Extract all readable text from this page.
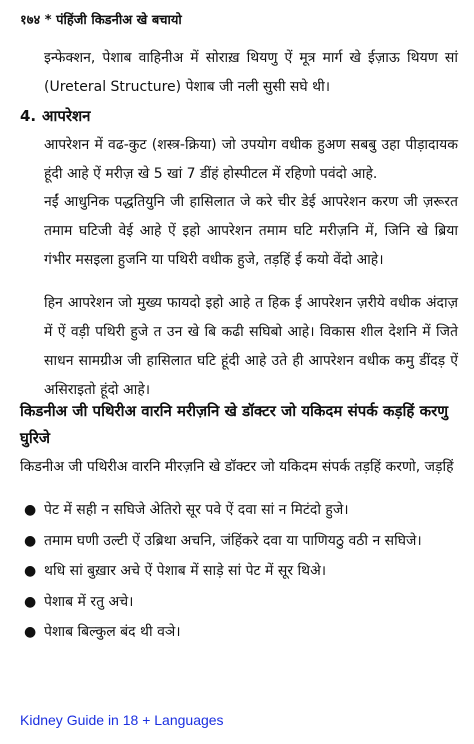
१७४ * पंहिंजी किडनीअ खे बचायो
इन्फेक्शन, पेशाब वाहिनीअ में सोराख़ थियणु ऐं मूत्र मार्ग खे ईज़ाऊ थियण सां (Ureteral Structure) पेशाब जी नली सुसी सघे थी।
4. आपरेशन
आपरेशन में वढ-कुट (शस्त्र-क्रिया) जो उपयोग वधीक हुअण सबबु उहा पीड़ादायक हूंदी आहे ऐं मरीज़ खे 5 खां 7 डींहं होस्पीटल में रहिणो पवंदो आहे.
नईं आधुनिक पद्धतियुनि जी हासिलात जे करे चीर डेई आपरेशन करण जी ज़रूरत तमाम घटिजी वेई आहे ऐं इहो आपरेशन तमाम घटि मरीज़नि में, जिनि खे ब्रिया गंभीर मसइला हुजनि या पथिरी वधीक हुजे, तड़हिं ई कयो वेंदो आहे।
हिन आपरेशन जो मुख्य फायदो इहो आहे त हिक ई आपरेशन ज़रीये वधीक अंदाज़ में ऐं वड़ी पथिरी हुजे त उन खे बि कढी सघिबो आहे। विकास शील देशनि में जिते साधन सामग्रीअ जी हासिलात घटि हूंदी आहे उते ही आपरेशन वधीक कमु डींदड़ ऐं असिराइतो हूंदो आहे।
किडनीअ जी पथिरीअ वारनि मरीज़नि खे डॉक्टर जो यकिदम संपर्क कड़हिं करणु घुरिजे
किडनीअ जी पथिरीअ वारनि मीरज़नि खे डॉक्टर जो यकिदम संपर्क तड़हिं करणो, जड़हिं
● पेट में सही न सघिजे अेतिरो सूर पवे ऐं दवा सां न मिटंदो हुजे।
● तमाम घणी उल्टी ऐं उब्रिथा अचनि, जंहिंकरे दवा या पाणियठु वठी न सघिजे।
● थधि सां बुख़ार अचे ऐं पेशाब में साड़े सां पेट में सूर थिअे।
● पेशाब में रतु अचे।
● पेशाब बिल्कुल बंद थी वञे।
Kidney Guide in 18 + Languages
